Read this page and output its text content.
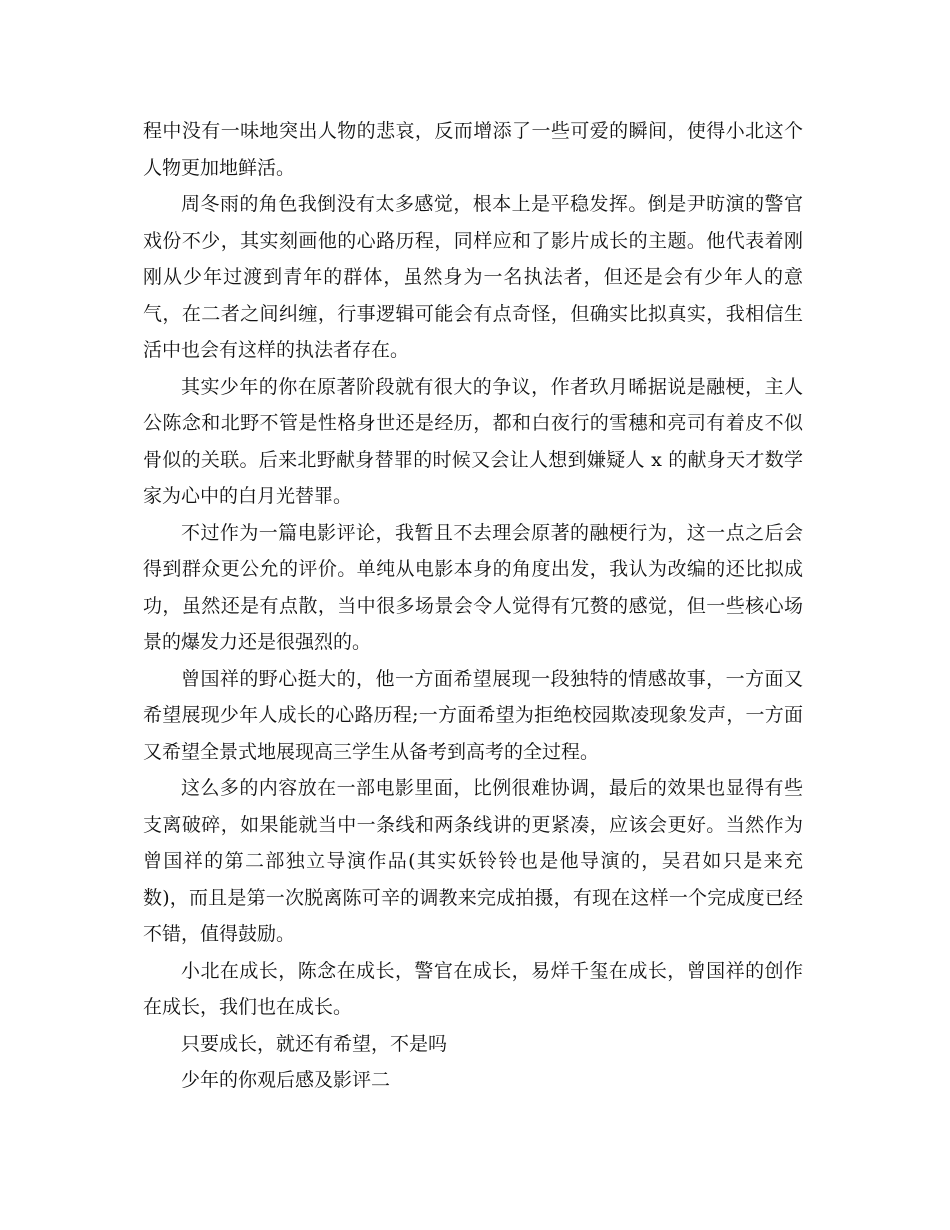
程中没有一味地突出人物的悲哀，反而增添了一些可爱的瞬间，使得小北这个人物更加地鲜活。

周冬雨的角色我倒没有太多感觉，根本上是平稳发挥。倒是尹昉演的警官戏份不少，其实刻画他的心路历程，同样应和了影片成长的主题。他代表着刚刚从少年过渡到青年的群体，虽然身为一名执法者，但还是会有少年人的意气，在二者之间纠缠，行事逻辑可能会有点奇怪，但确实比拟真实，我相信生活中也会有这样的执法者存在。

其实少年的你在原著阶段就有很大的争议，作者玖月晞据说是融梗，主人公陈念和北野不管是性格身世还是经历，都和白夜行的雪穗和亮司有着皮不似骨似的关联。后来北野献身替罪的时候又会让人想到嫌疑人 x 的献身天才数学家为心中的白月光替罪。

不过作为一篇电影评论，我暂且不去理会原著的融梗行为，这一点之后会得到群众更公允的评价。单纯从电影本身的角度出发，我认为改编的还比拟成功，虽然还是有点散，当中很多场景会令人觉得有冗赘的感觉，但一些核心场景的爆发力还是很强烈的。

曾国祥的野心挺大的，他一方面希望展现一段独特的情感故事，一方面又希望展现少年人成长的心路历程;一方面希望为拒绝校园欺凌现象发声，一方面又希望全景式地展现高三学生从备考到高考的全过程。

这么多的内容放在一部电影里面，比例很难协调，最后的效果也显得有些支离破碎，如果能就当中一条线和两条线讲的更紧凑，应该会更好。当然作为曾国祥的第二部独立导演作品(其实妖铃铃也是他导演的，吴君如只是来充数)，而且是第一次脱离陈可辛的调教来完成拍摄，有现在这样一个完成度已经不错，值得鼓励。

小北在成长，陈念在成长，警官在成长，易烊千玺在成长，曾国祥的创作在成长，我们也在成长。

只要成长，就还有希望，不是吗

少年的你观后感及影评二
